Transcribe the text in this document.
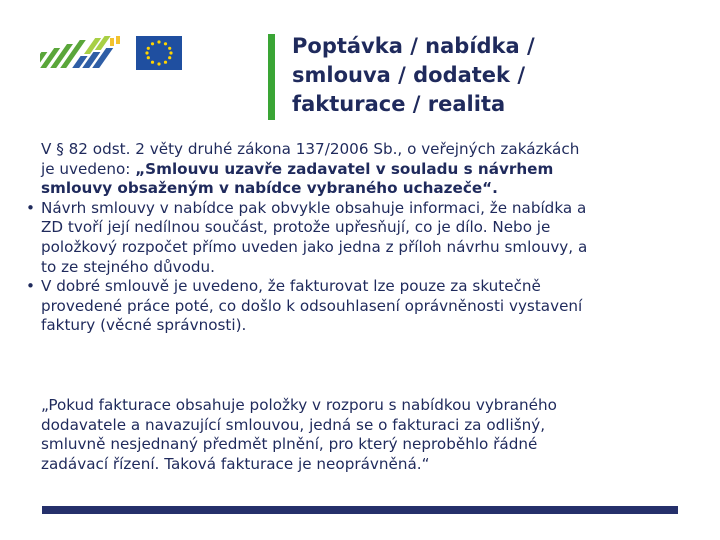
Poptávka / nabídka /
smlouva / dodatek /
fakturace / realita
V § 82 odst. 2 věty druhé zákona 137/2006 Sb., o veřejných zakázkách
je uvedeno: „Smlouvu uzavře zadavatel v souladu s návrhem
smlouvy obsaženým v nabídce vybraného uchazeče“.
• Návrh smlouvy v nabídce pak obvykle obsahuje informaci, že nabídka a
ZD tvoří její nedílnou součást, protože upřesňují, co je dílo. Nebo je
položkový rozpočet přímo uveden jako jedna z příloh návrhu smlouvy, a
to ze stejného důvodu.
• V dobré smlouvě je uvedeno, že fakturovat lze pouze za skutečně
provedené práce poté, co došlo k odsouhlasení oprávněnosti vystavení
faktury (věcné správnosti).
„Pokud fakturace obsahuje položky v rozporu s nabídkou vybraného
dodavatele a navazující smlouvou, jedná se o fakturaci za odlišný,
smluvně nesjednaný předmět plnění, pro který neproběhlo řádné
zadávací řízení. Taková fakturace je neoprávněná.“
